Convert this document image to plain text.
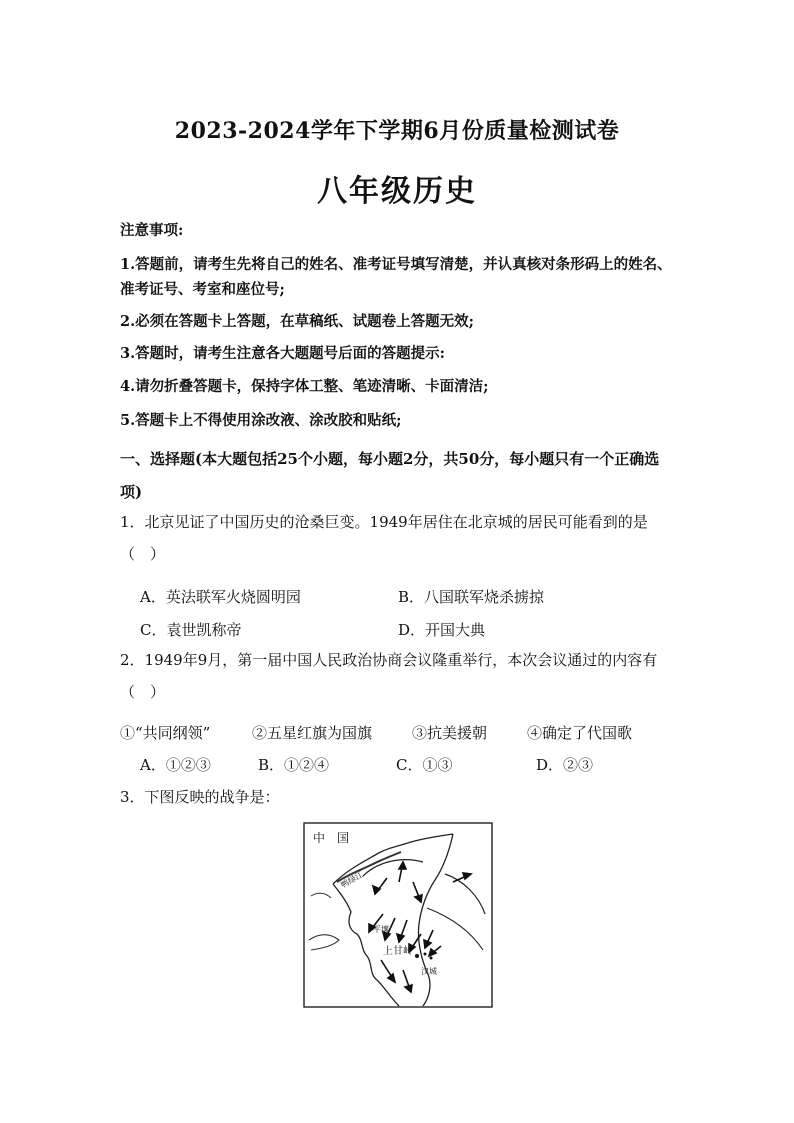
2023-2024学年下学期6月份质量检测试卷
八年级历史
注意事项:
1.答题前，请考生先将自己的姓名、准考证号填写清楚，并认真核对条形码上的姓名、准考证号、考室和座位号;
2.必须在答题卡上答题，在草稿纸、试题卷上答题无效;
3.答题时，请考生注意各大题题号后面的答题提示:
4.请勿折叠答题卡，保持字体工整、笔迹清晰、卡面清洁;
5.答题卡上不得使用涂改液、涂改胶和贴纸;
一、选择题(本大题包括25个小题，每小题2分，共50分，每小题只有一个正确选项)
1．北京见证了中国历史的沧桑巨变。1949年居住在北京城的居民可能看到的是（　）
A．英法联军火烧圆明园	B．八国联军烧杀掳掠
C．袁世凯称帝	D．开国大典
2．1949年9月，第一届中国人民政治协商会议隆重举行，本次会议通过的内容有（　）
①“共同纲领”	②五星红旗为国旗	③抗美援朝	④确定了代国歌
A．①②③	B．①②④	C．①③	D．②③
3．下图反映的战争是：
中　国
鸭绿江
平壤
上甘岭
汉城
